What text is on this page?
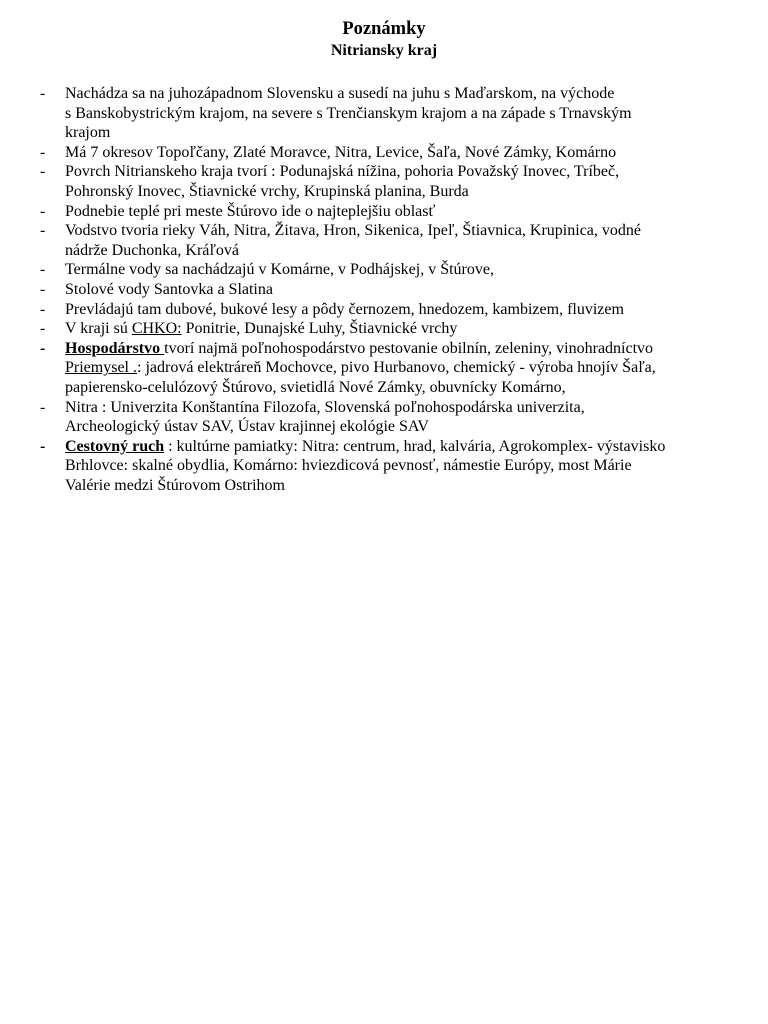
Poznámky
Nitriansky kraj
- Nachádza sa na juhozápadnom Slovensku a susedí na juhu s Maďarskom, na východe
s Banskobystrickým krajom, na severe s Trenčianskym krajom a na západe s Trnavským
krajom
- Má 7 okresov Topoľčany, Zlaté Moravce, Nitra, Levice, Šaľa, Nové Zámky, Komárno
- Povrch Nitrianskeho kraja tvorí : Podunajská nížina, pohoria Považský Inovec, Tríbeč,
Pohronský Inovec, Štiavnické vrchy, Krupinská planina, Burda
- Podnebie teplé pri meste Štúrovo ide o najteplejšiu oblasť
- Vodstvo tvoria rieky Váh, Nitra, Žitava, Hron, Sikenica, Ipeľ, Štiavnica, Krupinica, vodné
nádrže Duchonka, Kráľová
- Termálne vody sa nachádzajú v Komárne, v Podhájskej, v Štúrove,
- Stolové vody Santovka a Slatina
- Prevládajú tam dubové, bukové lesy a pôdy černozem, hnedozem, kambizem, fluvizem
- V kraji sú CHKO: Ponitrie, Dunajské Luhy, Štiavnické vrchy
- Hospodárstvo tvorí najmä poľnohospodárstvo pestovanie obilnín, zeleniny, vinohradníctvo
Priemysel .: jadrová elektráreň Mochovce, pivo Hurbanovo, chemický - výroba hnojív Šaľa,
papierensko-celulózový Štúrovo, svietidlá Nové Zámky, obuvnícky Komárno,
- Nitra : Univerzita Konštantína Filozofa, Slovenská poľnohospodárska univerzita,
Archeologický ústav SAV, Ústav krajinnej ekológie SAV
- Cestovný ruch : kultúrne pamiatky: Nitra: centrum, hrad, kalvária, Agrokomplex- výstavisko
Brhlovce: skalné obydlia, Komárno: hviezdicová pevnosť, námestie Európy, most Márie
Valérie medzi Štúrovom Ostrihom
